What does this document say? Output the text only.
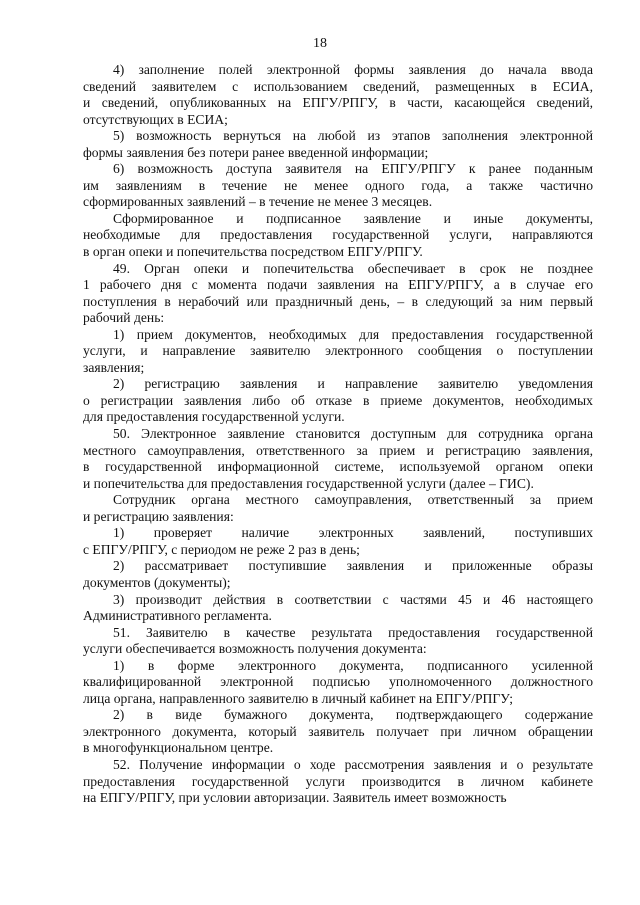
18

4) заполнение полей электронной формы заявления до начала ввода

сведений заявителем с использованием сведений, размещенных в ЕСИА,

и сведений, опубликованных на ЕПГУ/РПГУ, в части, касающейся сведений,

отсутствующих в ЕСИА;

5) возможность вернуться на любой из этапов заполнения электронной

формы заявления без потери ранее введенной информации;

6) возможность доступа заявителя на ЕПГУ/РПГУ к ранее поданным

им заявлениям в течение не менее одного года, а также частично

сформированных заявлений – в течение не менее 3 месяцев.

Сформированное и подписанное заявление и иные документы,

необходимые для предоставления государственной услуги, направляются

в орган опеки и попечительства посредством ЕПГУ/РПГУ.

49. Орган опеки и попечительства обеспечивает в срок не позднее

1 рабочего дня с момента подачи заявления на ЕПГУ/РПГУ, а в случае его

поступления в нерабочий или праздничный день, – в следующий за ним первый

рабочий день:

1) прием документов, необходимых для предоставления государственной

услуги, и направление заявителю электронного сообщения о поступлении

заявления;

2) регистрацию заявления и направление заявителю уведомления

о регистрации заявления либо об отказе в приеме документов, необходимых

для предоставления государственной услуги.

50. Электронное заявление становится доступным для сотрудника органа

местного самоуправления, ответственного за прием и регистрацию заявления,

в государственной информационной системе, используемой органом опеки

и попечительства для предоставления государственной услуги (далее – ГИС).

Сотрудник органа местного самоуправления, ответственный за прием

и регистрацию заявления:

1) проверяет наличие электронных заявлений, поступивших

с ЕПГУ/РПГУ, с периодом не реже 2 раз в день;

2) рассматривает поступившие заявления и приложенные образы

документов (документы);

3) производит действия в соответствии с частями 45 и 46 настоящего

Административного регламента.

51. Заявителю в качестве результата предоставления государственной

услуги обеспечивается возможность получения документа:

1) в форме электронного документа, подписанного усиленной

квалифицированной электронной подписью уполномоченного должностного

лица органа, направленного заявителю в личный кабинет на ЕПГУ/РПГУ;

2) в виде бумажного документа, подтверждающего содержание

электронного документа, который заявитель получает при личном обращении

в многофункциональном центре.

52. Получение информации о ходе рассмотрения заявления и о результате

предоставления государственной услуги производится в личном кабинете

на ЕПГУ/РПГУ, при условии авторизации. Заявитель имеет возможность
